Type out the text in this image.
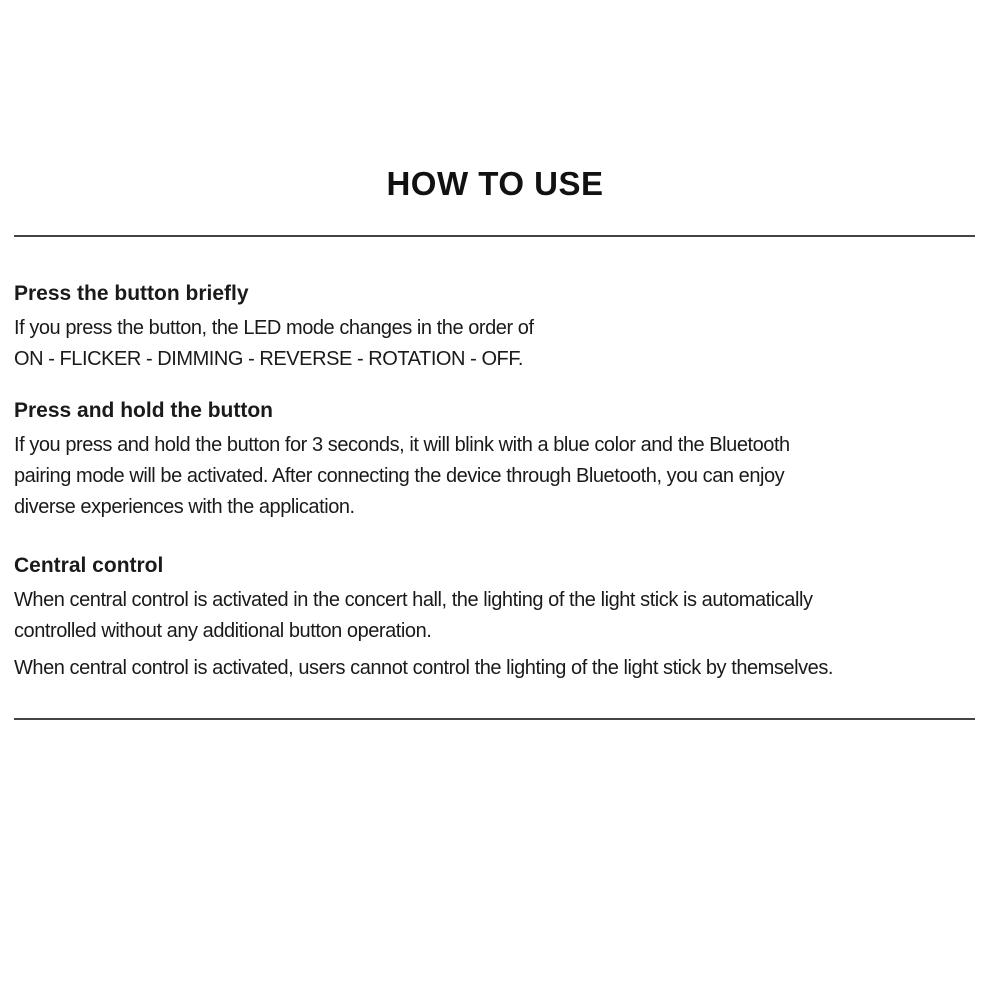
HOW TO USE

Press the button briefly

If you press the button, the LED mode changes in the order of

ON - FLICKER - DIMMING - REVERSE - ROTATION - OFF.

Press and hold the button

If you press and hold the button for 3 seconds, it will blink with a blue color and the Bluetooth

pairing mode will be activated. After connecting the device through Bluetooth, you can enjoy

diverse experiences with the application.

Central control

When central control is activated in the concert hall, the lighting of the light stick is automatically

controlled without any additional button operation.

When central control is activated, users cannot control the lighting of the light stick by themselves.
